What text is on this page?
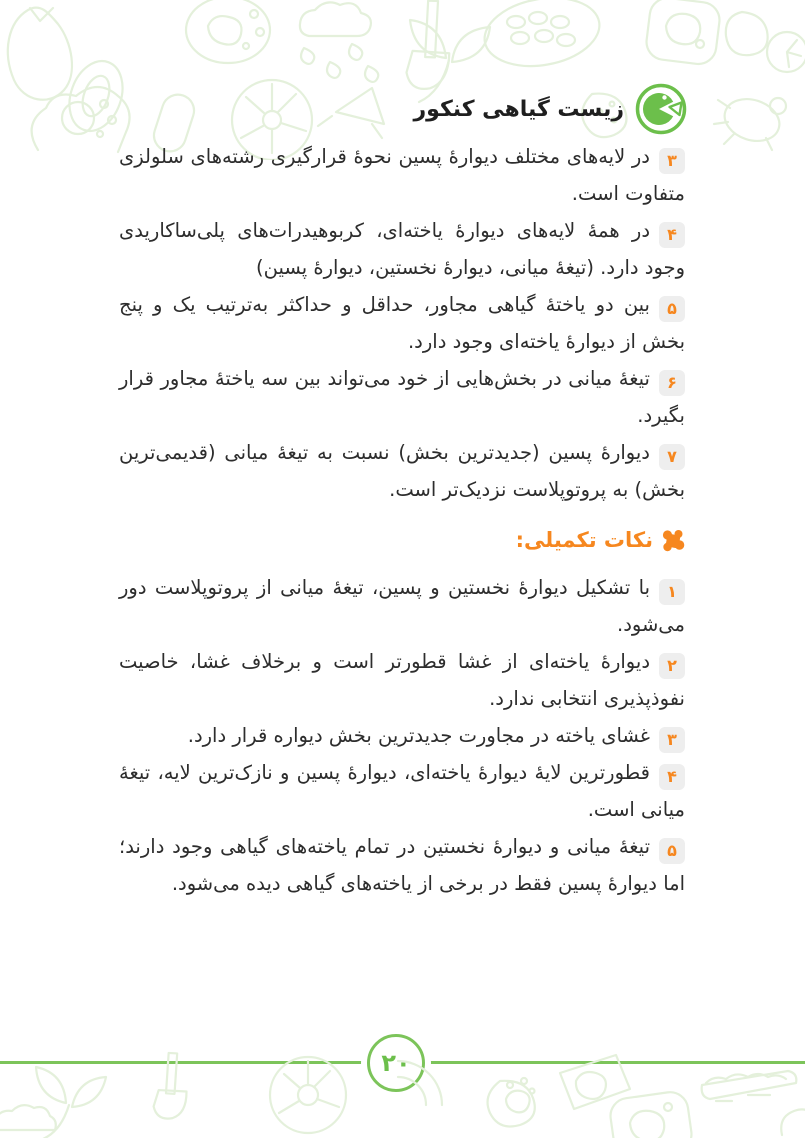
زیست گیاهی کنکور

۳در لایه‌های مختلف دیوارۀ پسین نحوۀ قرارگیری رشته‌های سلولزی متفاوت است.

۴در همۀ لایه‌های دیوارۀ یاخته‌ای، کربوهیدرات‌های پلی‌ساکاریدی وجود دارد. (تیغۀ میانی، دیوارۀ نخستین، دیوارۀ پسین)

۵بین دو یاختۀ گیاهی مجاور، حداقل و حداکثر به‌ترتیب یک و پنج بخش از دیوارۀ یاخته‌ای وجود دارد.

۶تیغۀ میانی در بخش‌هایی از خود می‌تواند بین سه یاختۀ مجاور قرار بگیرد.

۷دیوارۀ پسین (جدیدترین بخش) نسبت به تیغۀ میانی (قدیمی‌ترین بخش) به پروتوپلاست نزدیک‌تر است.

نکات تکمیلی:

۱با تشکیل دیوارۀ نخستین و پسین، تیغۀ میانی از پروتوپلاست دور می‌شود.

۲دیوارۀ یاخته‌ای از غشا قطورتر است و برخلاف غشا، خاصیت نفوذپذیری انتخابی ندارد.

۳غشای یاخته در مجاورت جدیدترین بخش دیواره قرار دارد.

۴قطورترین لایۀ دیوارۀ یاخته‌ای، دیوارۀ پسین و نازک‌ترین لایه، تیغۀ میانی است.

۵تیغۀ میانی و دیوارۀ نخستین در تمام یاخته‌های گیاهی وجود دارند؛ اما دیوارۀ پسین فقط در برخی از یاخته‌های گیاهی دیده می‌شود.

۲۰
